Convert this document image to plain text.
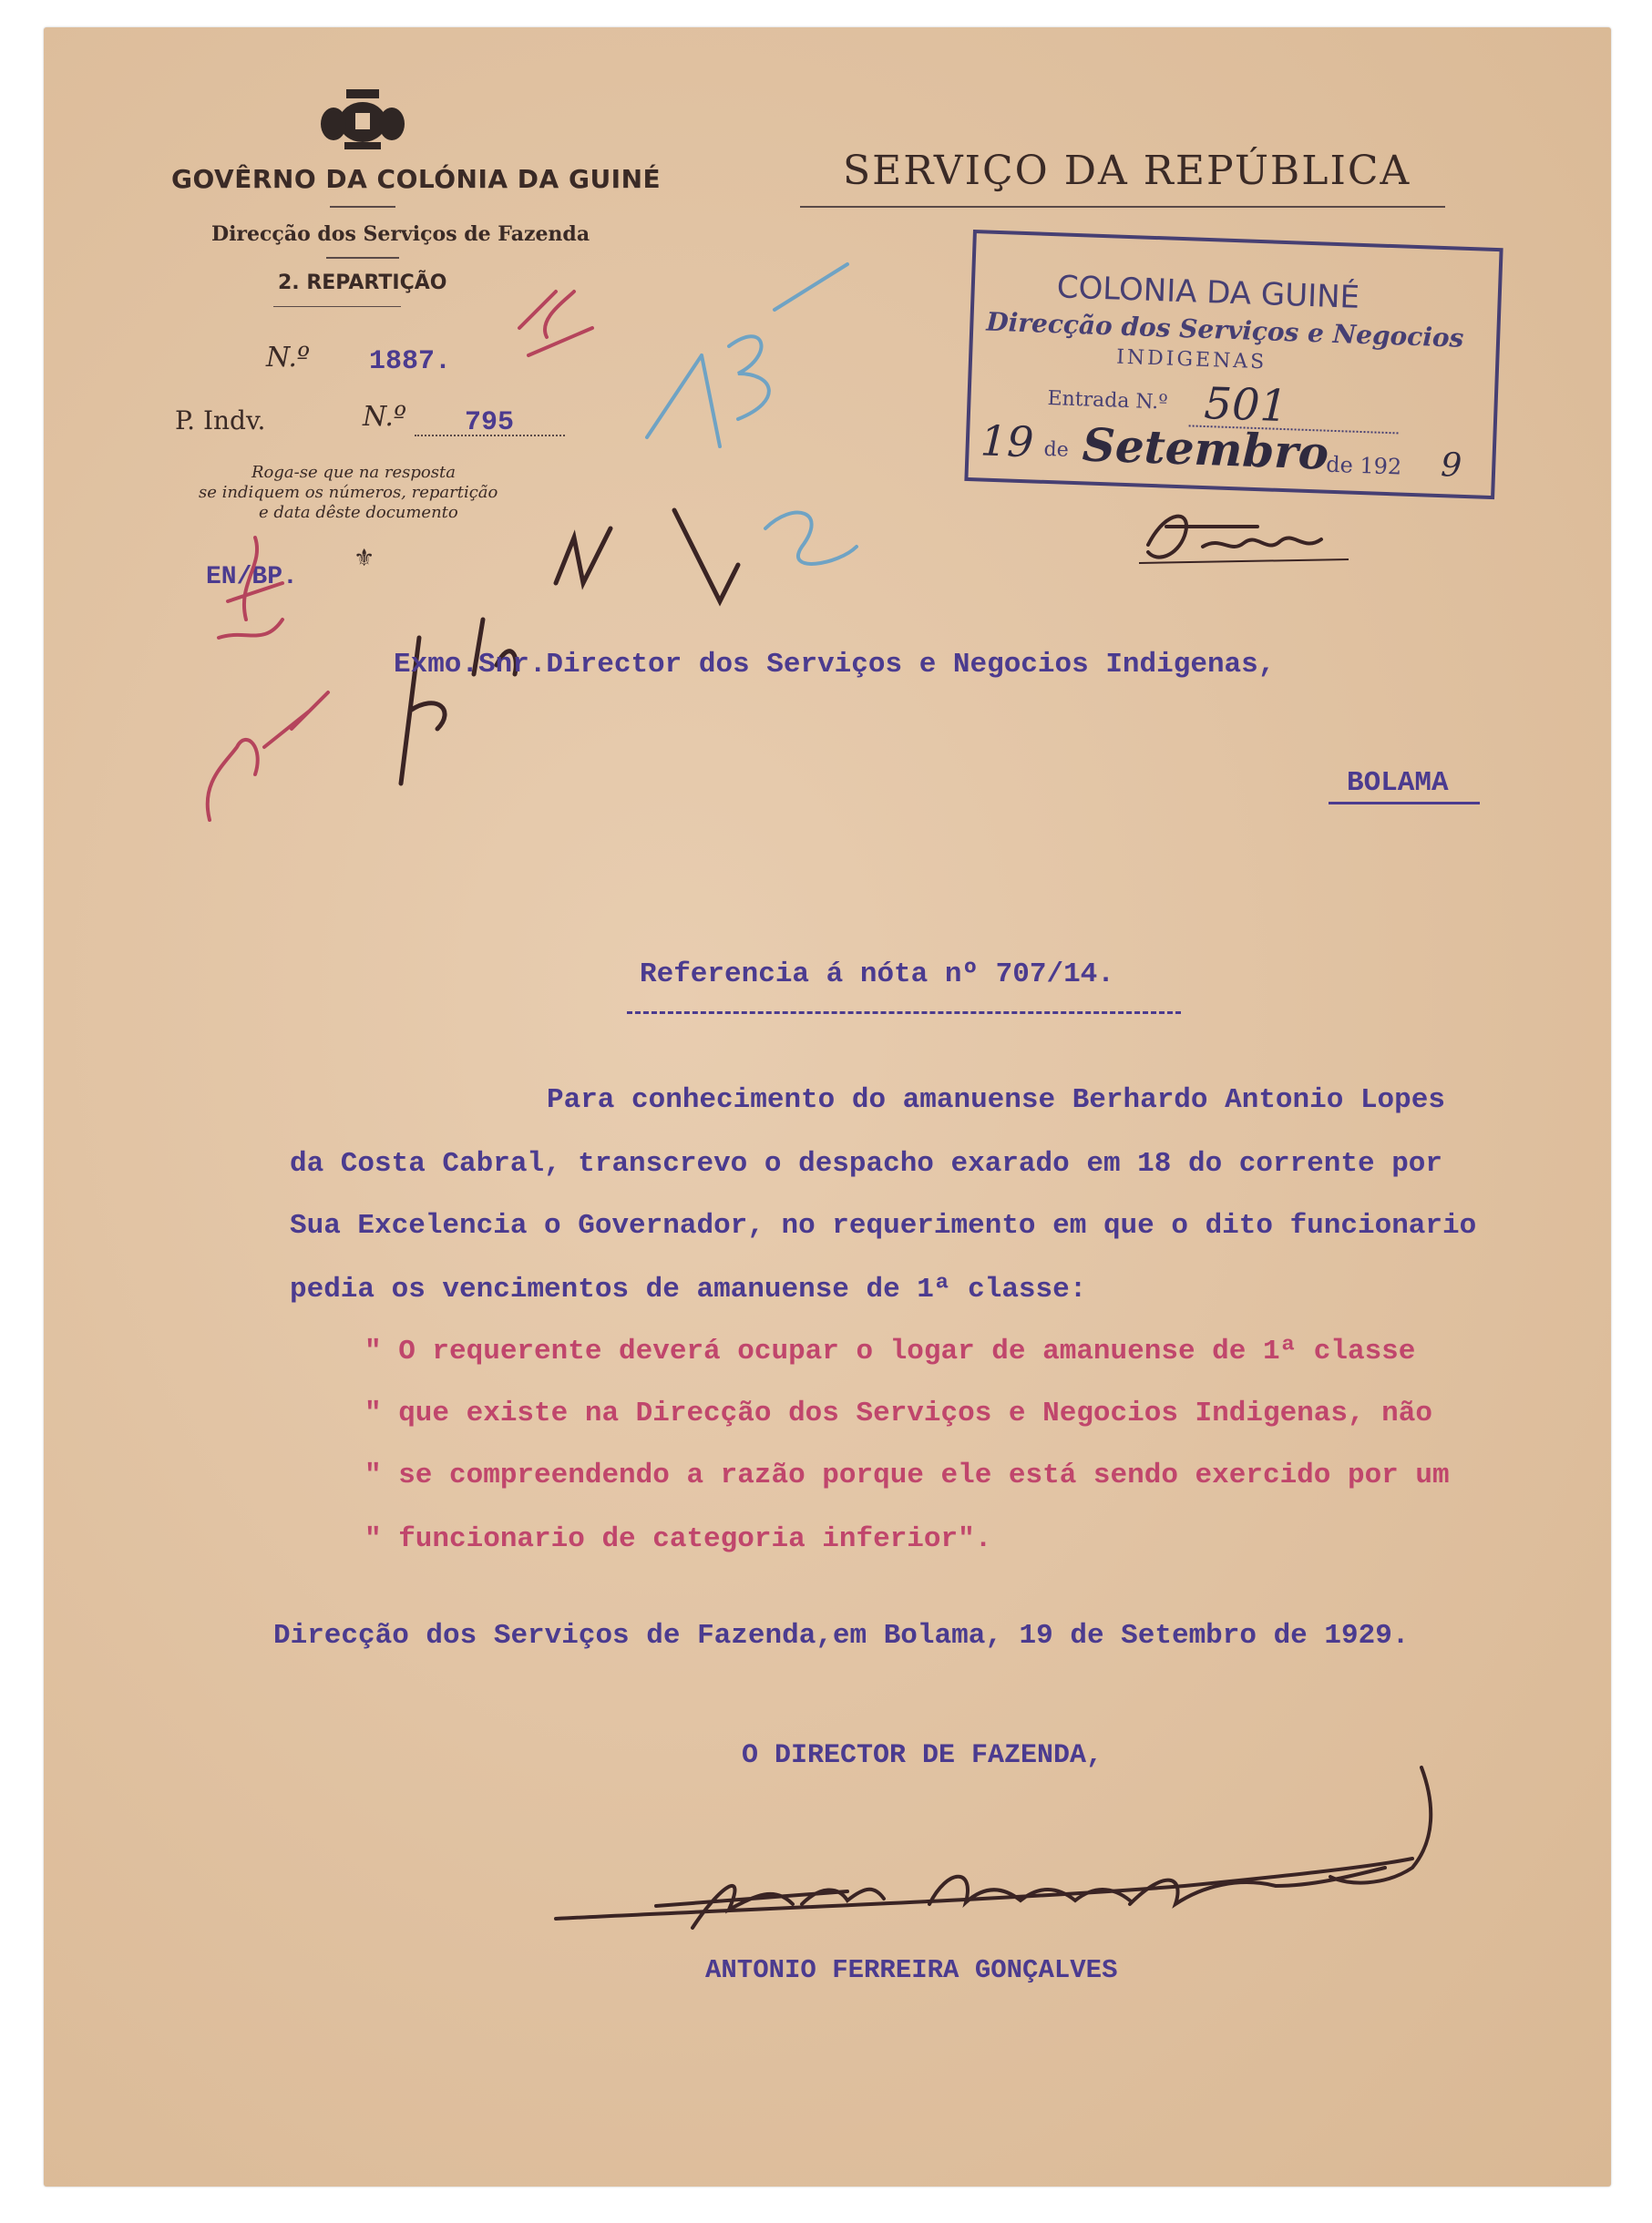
GOVÊRNO DA COLÓNIA DA GUINÉ
Direcção dos Serviços de Fazenda
2. REPARTIÇÃO
N.º 1887.
P. Indv.	N.º 795
Roga-se que na resposta
se indiquem os números, repartição
e data dêste documento
⚜
EN/BP.
SERVIÇO DA REPÚBLICA
COLONIA DA GUINÉ
Direcção dos Serviços e Negocios
INDIGENAS
Entrada N.º 501
19 de Setembro
de 192 9
Exmo.Snr.Director dos Serviços e Negocios Indigenas,
BOLAMA
Referencia á nóta nº 707/14.
Para conhecimento do amanuense Berhardo Antonio Lopes
da Costa Cabral, transcrevo o despacho exarado em 18 do corrente por
Sua Excelencia o Governador, no requerimento em que o dito funcionario
pedia os vencimentos de amanuense de 1ª classe:
" O requerente deverá ocupar o logar de amanuense de 1ª classe
" que existe na Direcção dos Serviços e Negocios Indigenas, não
" se compreendendo a razão porque ele está sendo exercido por um
" funcionario de categoria inferior".
Direcção dos Serviços de Fazenda,em Bolama, 19 de Setembro de 1929.
O DIRECTOR DE FAZENDA,
ANTONIO FERREIRA GONÇALVES
